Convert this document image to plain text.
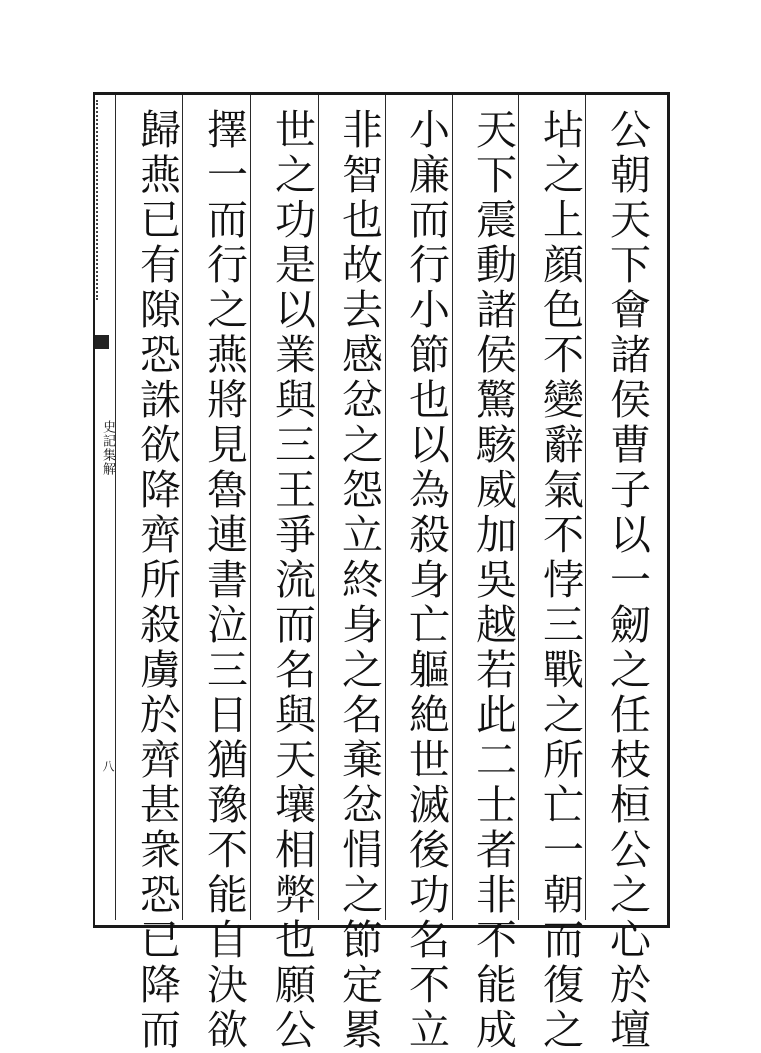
史記集解
八	公朝天下會諸侯曹子以一劒之任枝桓公之心於壇
坫之上顔色不變辭氣不悖三戰之所亡一朝而復之
天下震動諸侯驚駭威加吳越若此二士者非不能成
小廉而行小節也以為殺身亡軀絶世滅後功名不立
非智也故去感忿之怨立終身之名棄忿悁之節定累
世之功是以業與三王爭流而名與天壤相弊也願公
擇一而行之燕將見魯連書泣三日猶豫不能自決欲
歸燕已有隙恐誅欲降齊所殺虜於齊甚衆恐已降而
